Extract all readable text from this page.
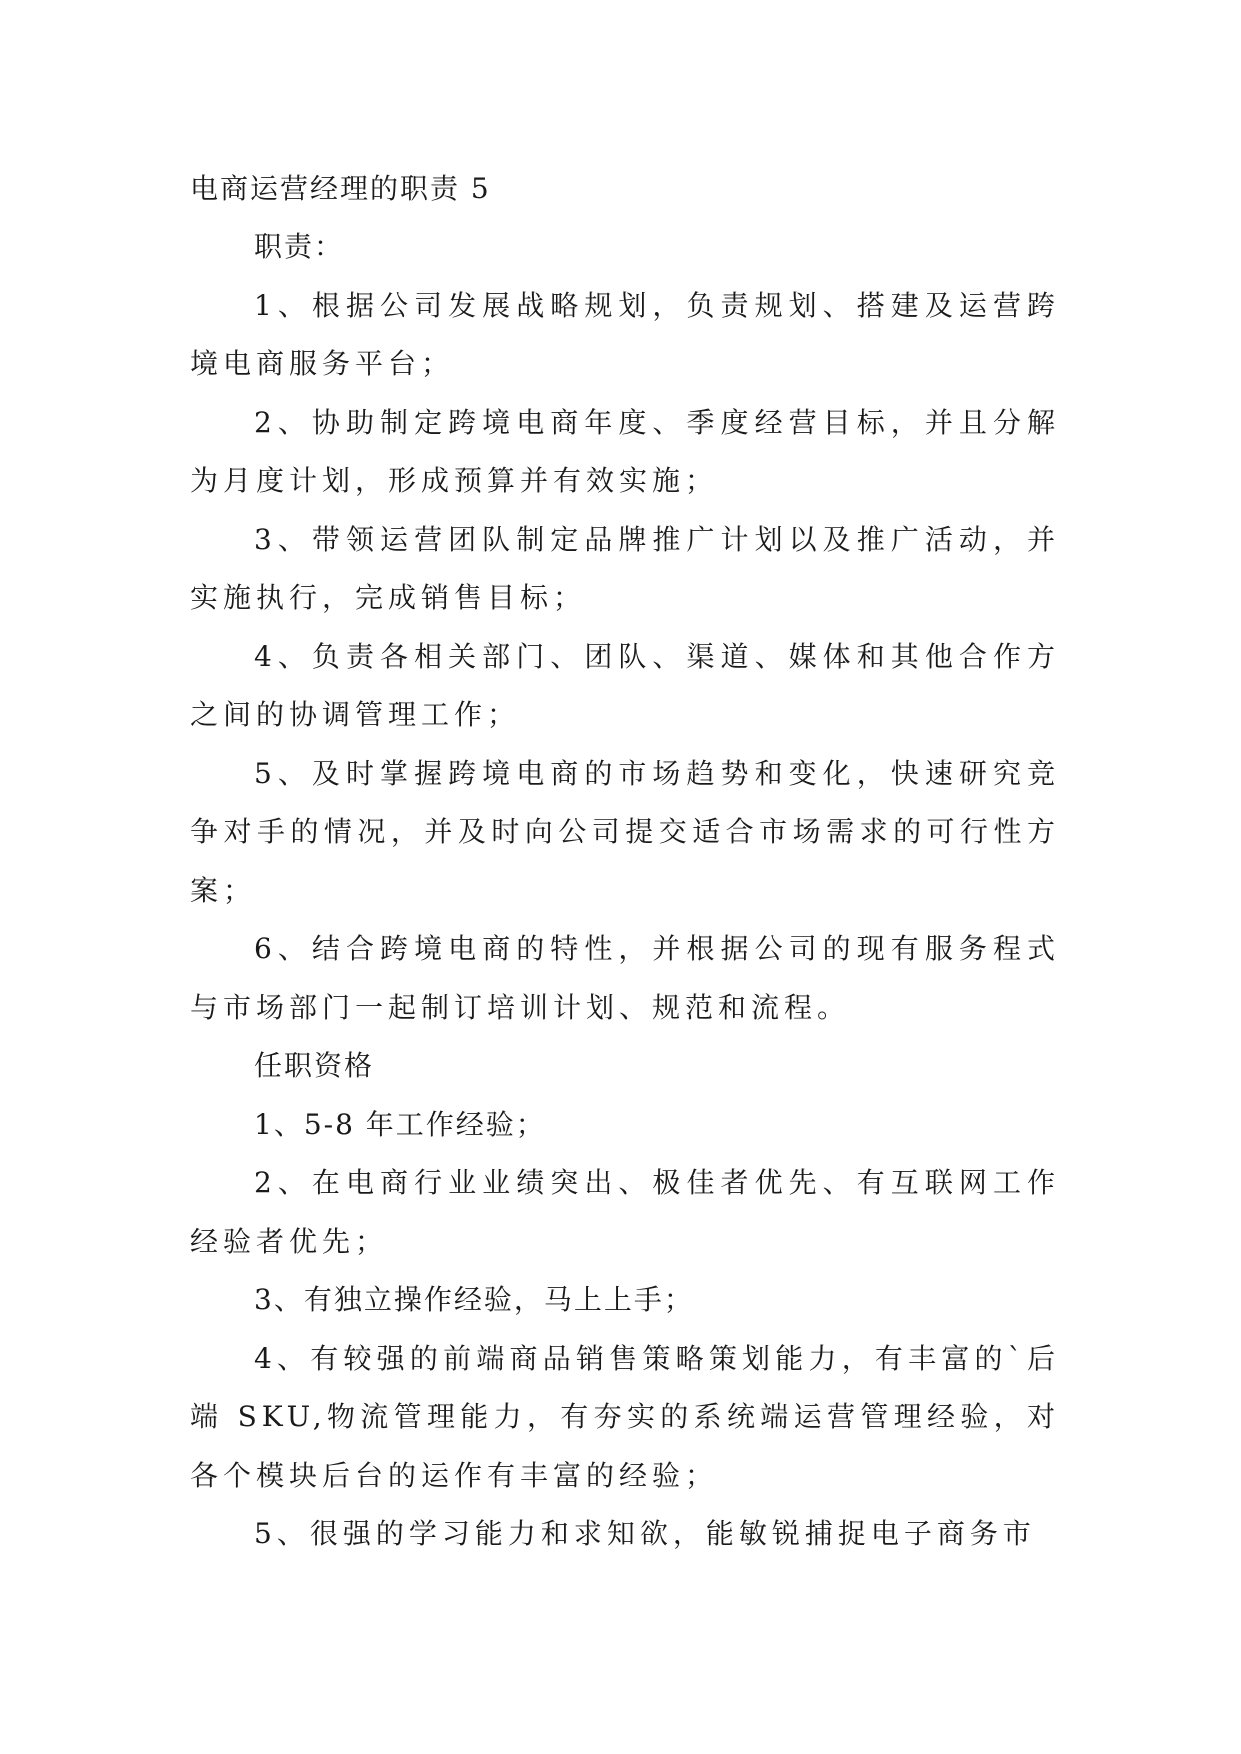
电商运营经理的职责 5

职责：

1、根据公司发展战略规划，负责规划、搭建及运营跨境电商服务平台；

2、协助制定跨境电商年度、季度经营目标，并且分解为月度计划，形成预算并有效实施；

3、带领运营团队制定品牌推广计划以及推广活动，并实施执行，完成销售目标；

4、负责各相关部门、团队、渠道、媒体和其他合作方之间的协调管理工作；

5、及时掌握跨境电商的市场趋势和变化，快速研究竞争对手的情况，并及时向公司提交适合市场需求的可行性方案；

6、结合跨境电商的特性，并根据公司的现有服务程式与市场部门一起制订培训计划、规范和流程。

任职资格

1、5-8 年工作经验；

2、在电商行业业绩突出、极佳者优先、有互联网工作经验者优先；

3、有独立操作经验，马上上手；

4、有较强的前端商品销售策略策划能力，有丰富的`后端 SKU,物流管理能力，有夯实的系统端运营管理经验，对各个模块后台的运作有丰富的经验；

5、很强的学习能力和求知欲，能敏锐捕捉电子商务市
